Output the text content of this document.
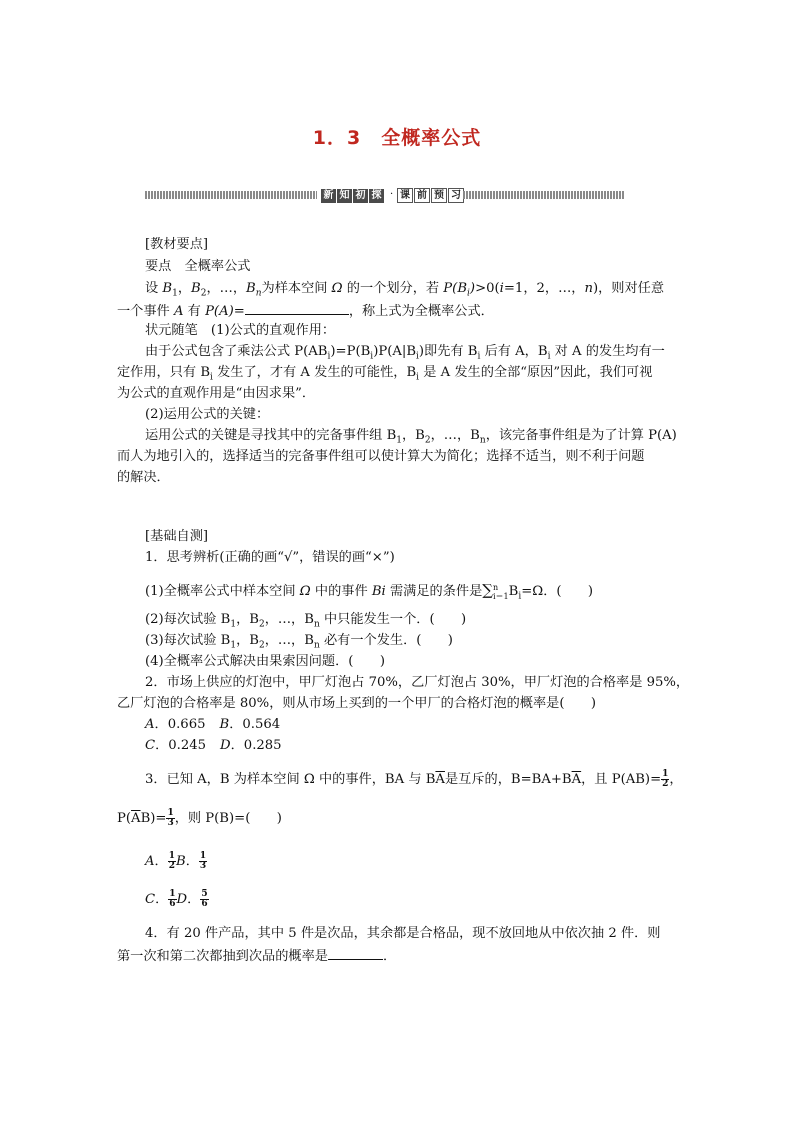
1．3　全概率公式
新 知 初 探 · 课 前 预 习
[教材要点]
要点　全概率公式
设 $B_1$，$B_2$，…，$B_n$为样本空间 Ω 的一个划分，若 $P(B_i)>0(i=1$，2，…，n)，则对任意
一个事件 A 有 P(A)=	，称上式为全概率公式．
状元随笔　(1)公式的直观作用：
由于公式包含了乘法公式 $P(AB_i)=P(B_i)P(A|B_i)$即先有 $B_i$ 后有 A，$B_i$ 对 A 的发生均有一
定作用，只有 $B_i$ 发生了，才有 A 发生的可能性，$B_i$ 是 A 发生的全部“原因”因此，我们可视
为公式的直观作用是“由因求果”．
(2)运用公式的关键：
运用公式的关键是寻找其中的完备事件组 $B_1$，$B_2$，…，$B_n$，该完备事件组是为了计算 P(A)
而人为地引入的，选择适当的完备事件组可以使计算大为简化；选择不适当，则不利于问题
的解决．
[基础自测]
1．思考辨析(正确的画“√”，错误的画“×”)
(1)全概率公式中样本空间 Ω 中的事件 Bi 需满足的条件是∑ n
i＝1 $B_i=\Omega$．(　　)
(2)每次试验 $B_1$，$B_2$，…，$B_n$ 中只能发生一个．(　　)
(3)每次试验 $B_1$，$B_2$，…，$B_n$ 必有一个发生．(　　)
(4)全概率公式解决由果索因问题．(　　)
2．市场上供应的灯泡中，甲厂灯泡占 70%，乙厂灯泡占 30%，甲厂灯泡的合格率是 95%，
乙厂灯泡的合格率是 80%，则从市场上买到的一个甲厂的合格灯泡的概率是(　　)
A．0.665 B．0.564
C．0.245 D．0.285
3．已知 A，B 为样本空间 Ω 中的事件，BA 与 $B\overline{A}$是互斥的，$B=BA+B\overline{A}$，且 $P(AB)= \frac{1}{2}$ ，
$P(\overline{A}B)= \frac{1}{3}$ ，则 P(B)=(　　)
A． $\frac{1}{2}$ B． $\frac{1}{3}$
C． $\frac{1}{6}$ D． $\frac{5}{6}$
4．有 20 件产品，其中 5 件是次品，其余都是合格品，现不放回地从中依次抽 2 件．则
第一次和第二次都抽到次品的概率是	．
